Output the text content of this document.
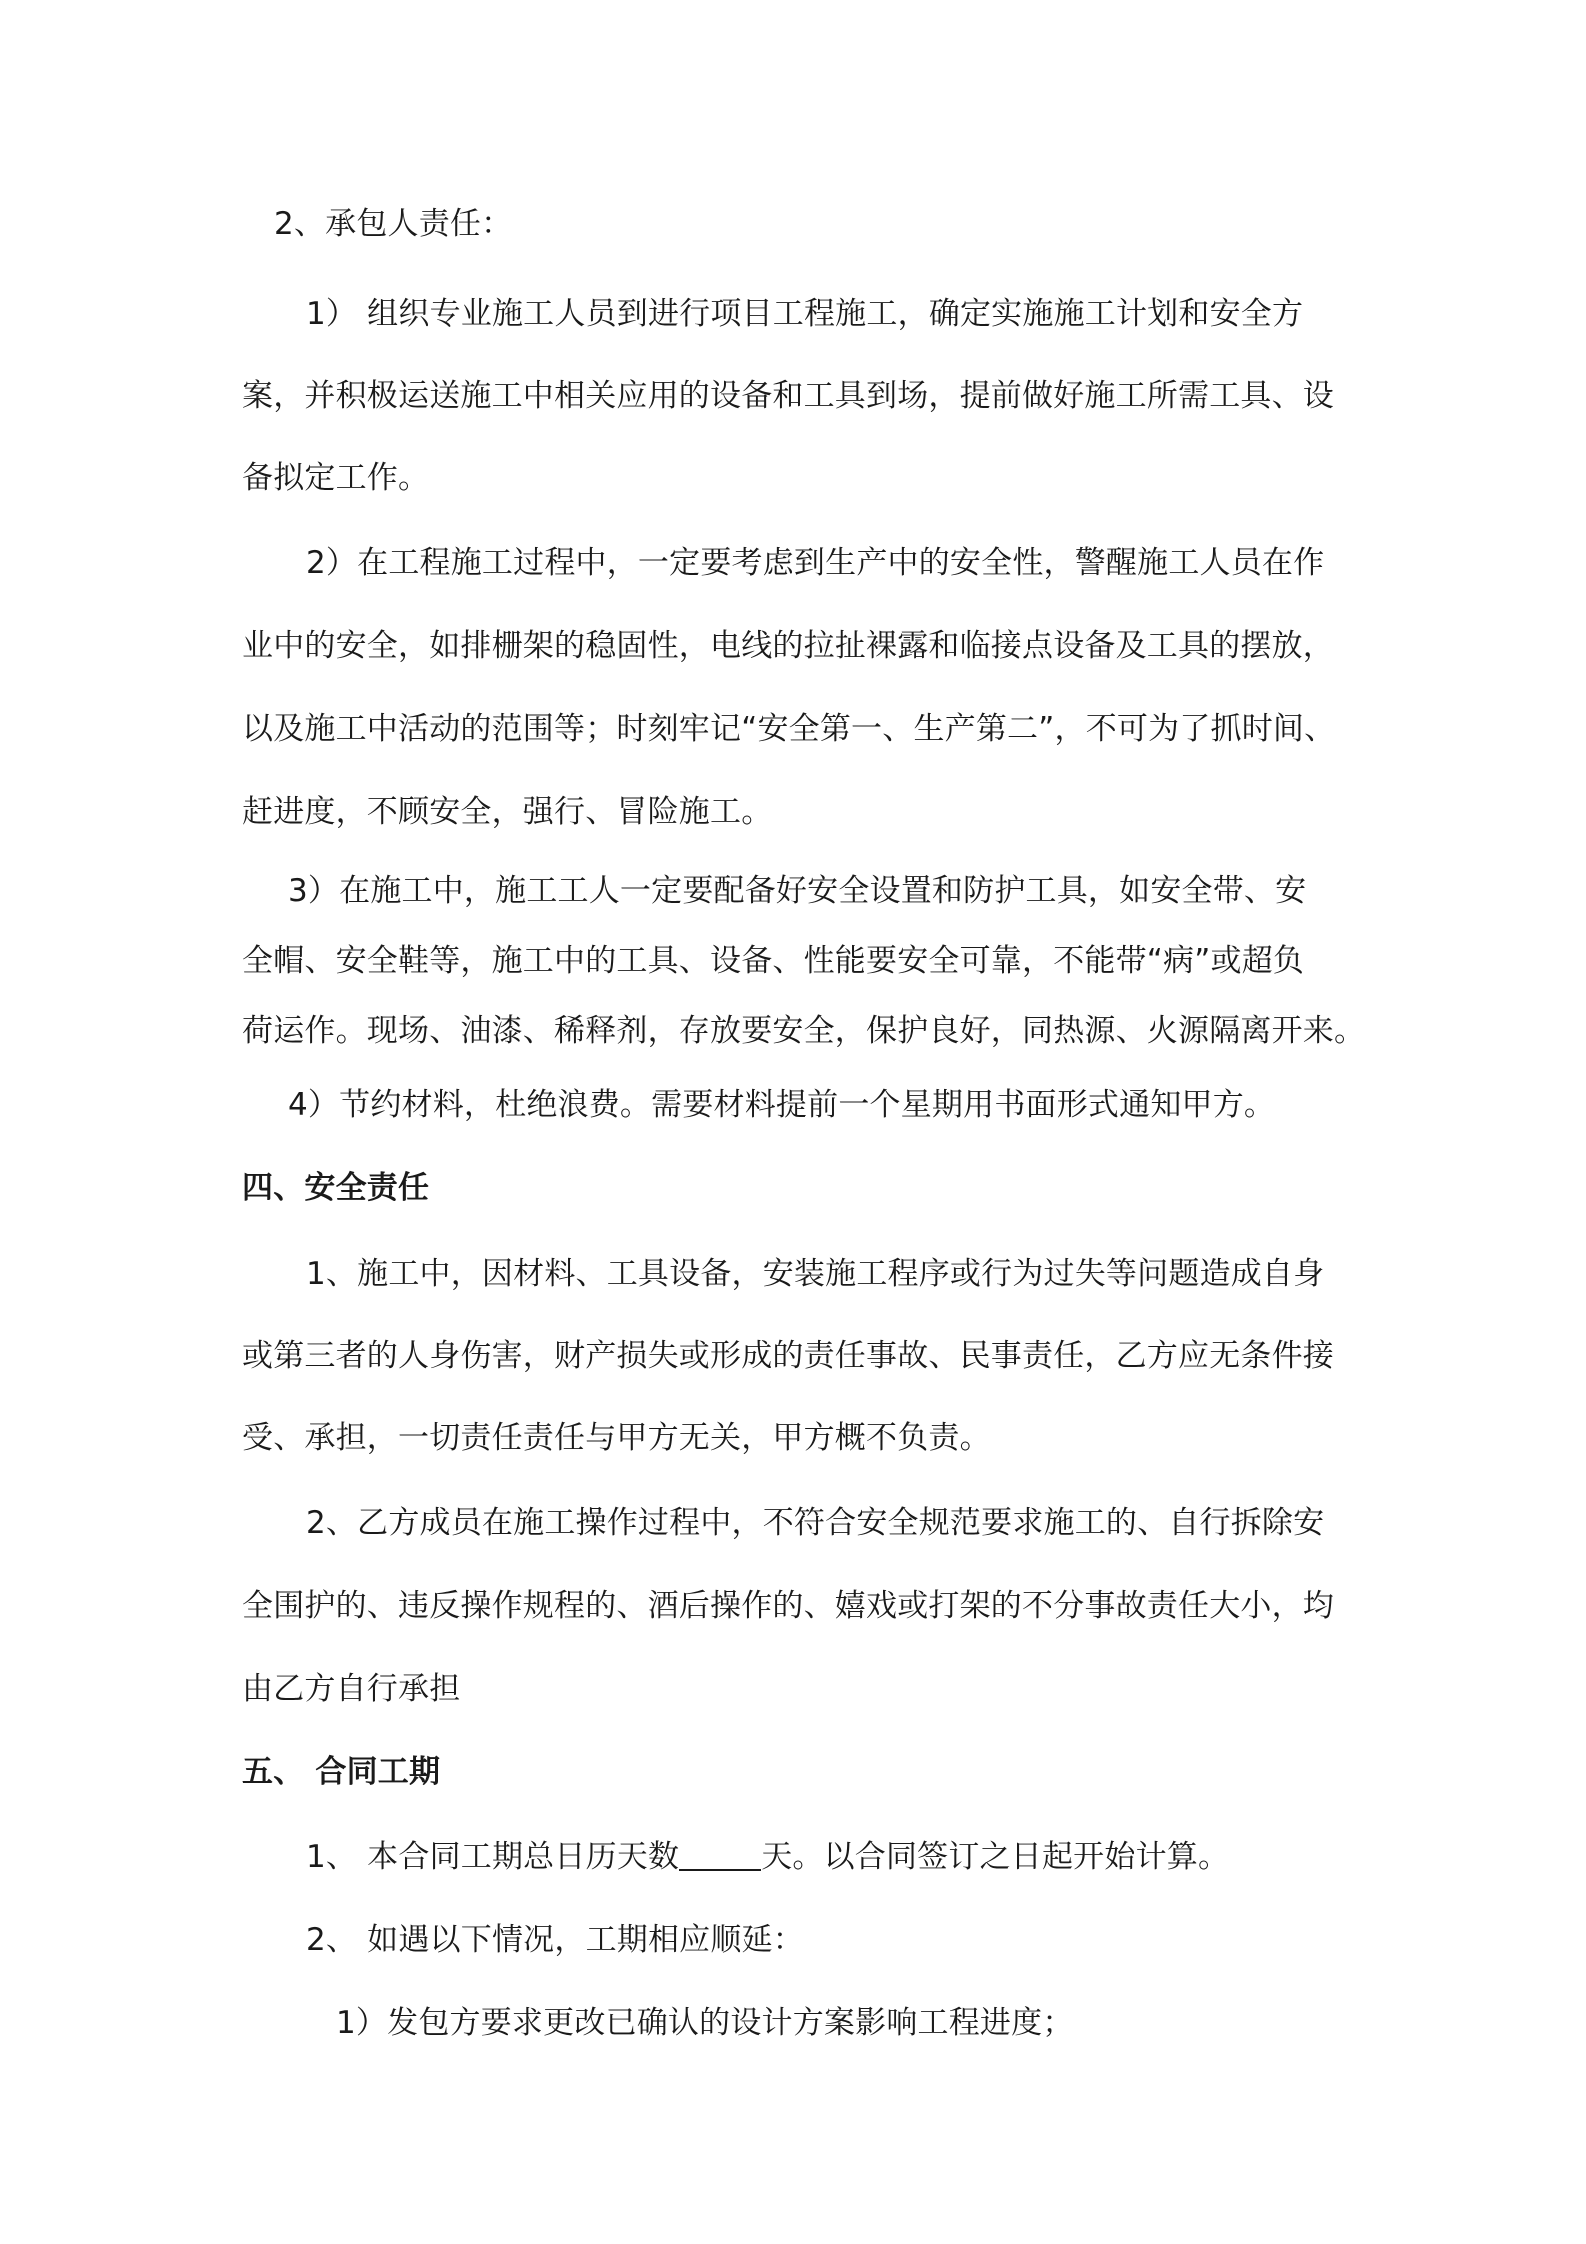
2、承包人责任：
1） 组织专业施工人员到进行项目工程施工，确定实施施工计划和安全方
案，并积极运送施工中相关应用的设备和工具到场，提前做好施工所需工具、设
备拟定工作。
2）在工程施工过程中，一定要考虑到生产中的安全性，警醒施工人员在作
业中的安全，如排栅架的稳固性，电线的拉扯裸露和临接点设备及工具的摆放，
以及施工中活动的范围等；时刻牢记“安全第一、生产第二”，不可为了抓时间、
赶进度，不顾安全，强行、冒险施工。
3）在施工中，施工工人一定要配备好安全设置和防护工具，如安全带、安
全帽、安全鞋等，施工中的工具、设备、性能要安全可靠，不能带“病”或超负
荷运作。现场、油漆、稀释剂，存放要安全，保护良好，同热源、火源隔离开来。
4）节约材料，杜绝浪费。需要材料提前一个星期用书面形式通知甲方。
四、安全责任
1、施工中，因材料、工具设备，安装施工程序或行为过失等问题造成自身
或第三者的人身伤害，财产损失或形成的责任事故、民事责任，乙方应无条件接
受、承担，一切责任责任与甲方无关，甲方概不负责。
2、乙方成员在施工操作过程中，不符合安全规范要求施工的、自行拆除安
全围护的、违反操作规程的、酒后操作的、嬉戏或打架的不分事故责任大小，均
由乙方自行承担
五、 合同工期
1、 本合同工期总日历天数	天。以合同签订之日起开始计算。
2、 如遇以下情况，工期相应顺延：
1）发包方要求更改已确认的设计方案影响工程进度；
